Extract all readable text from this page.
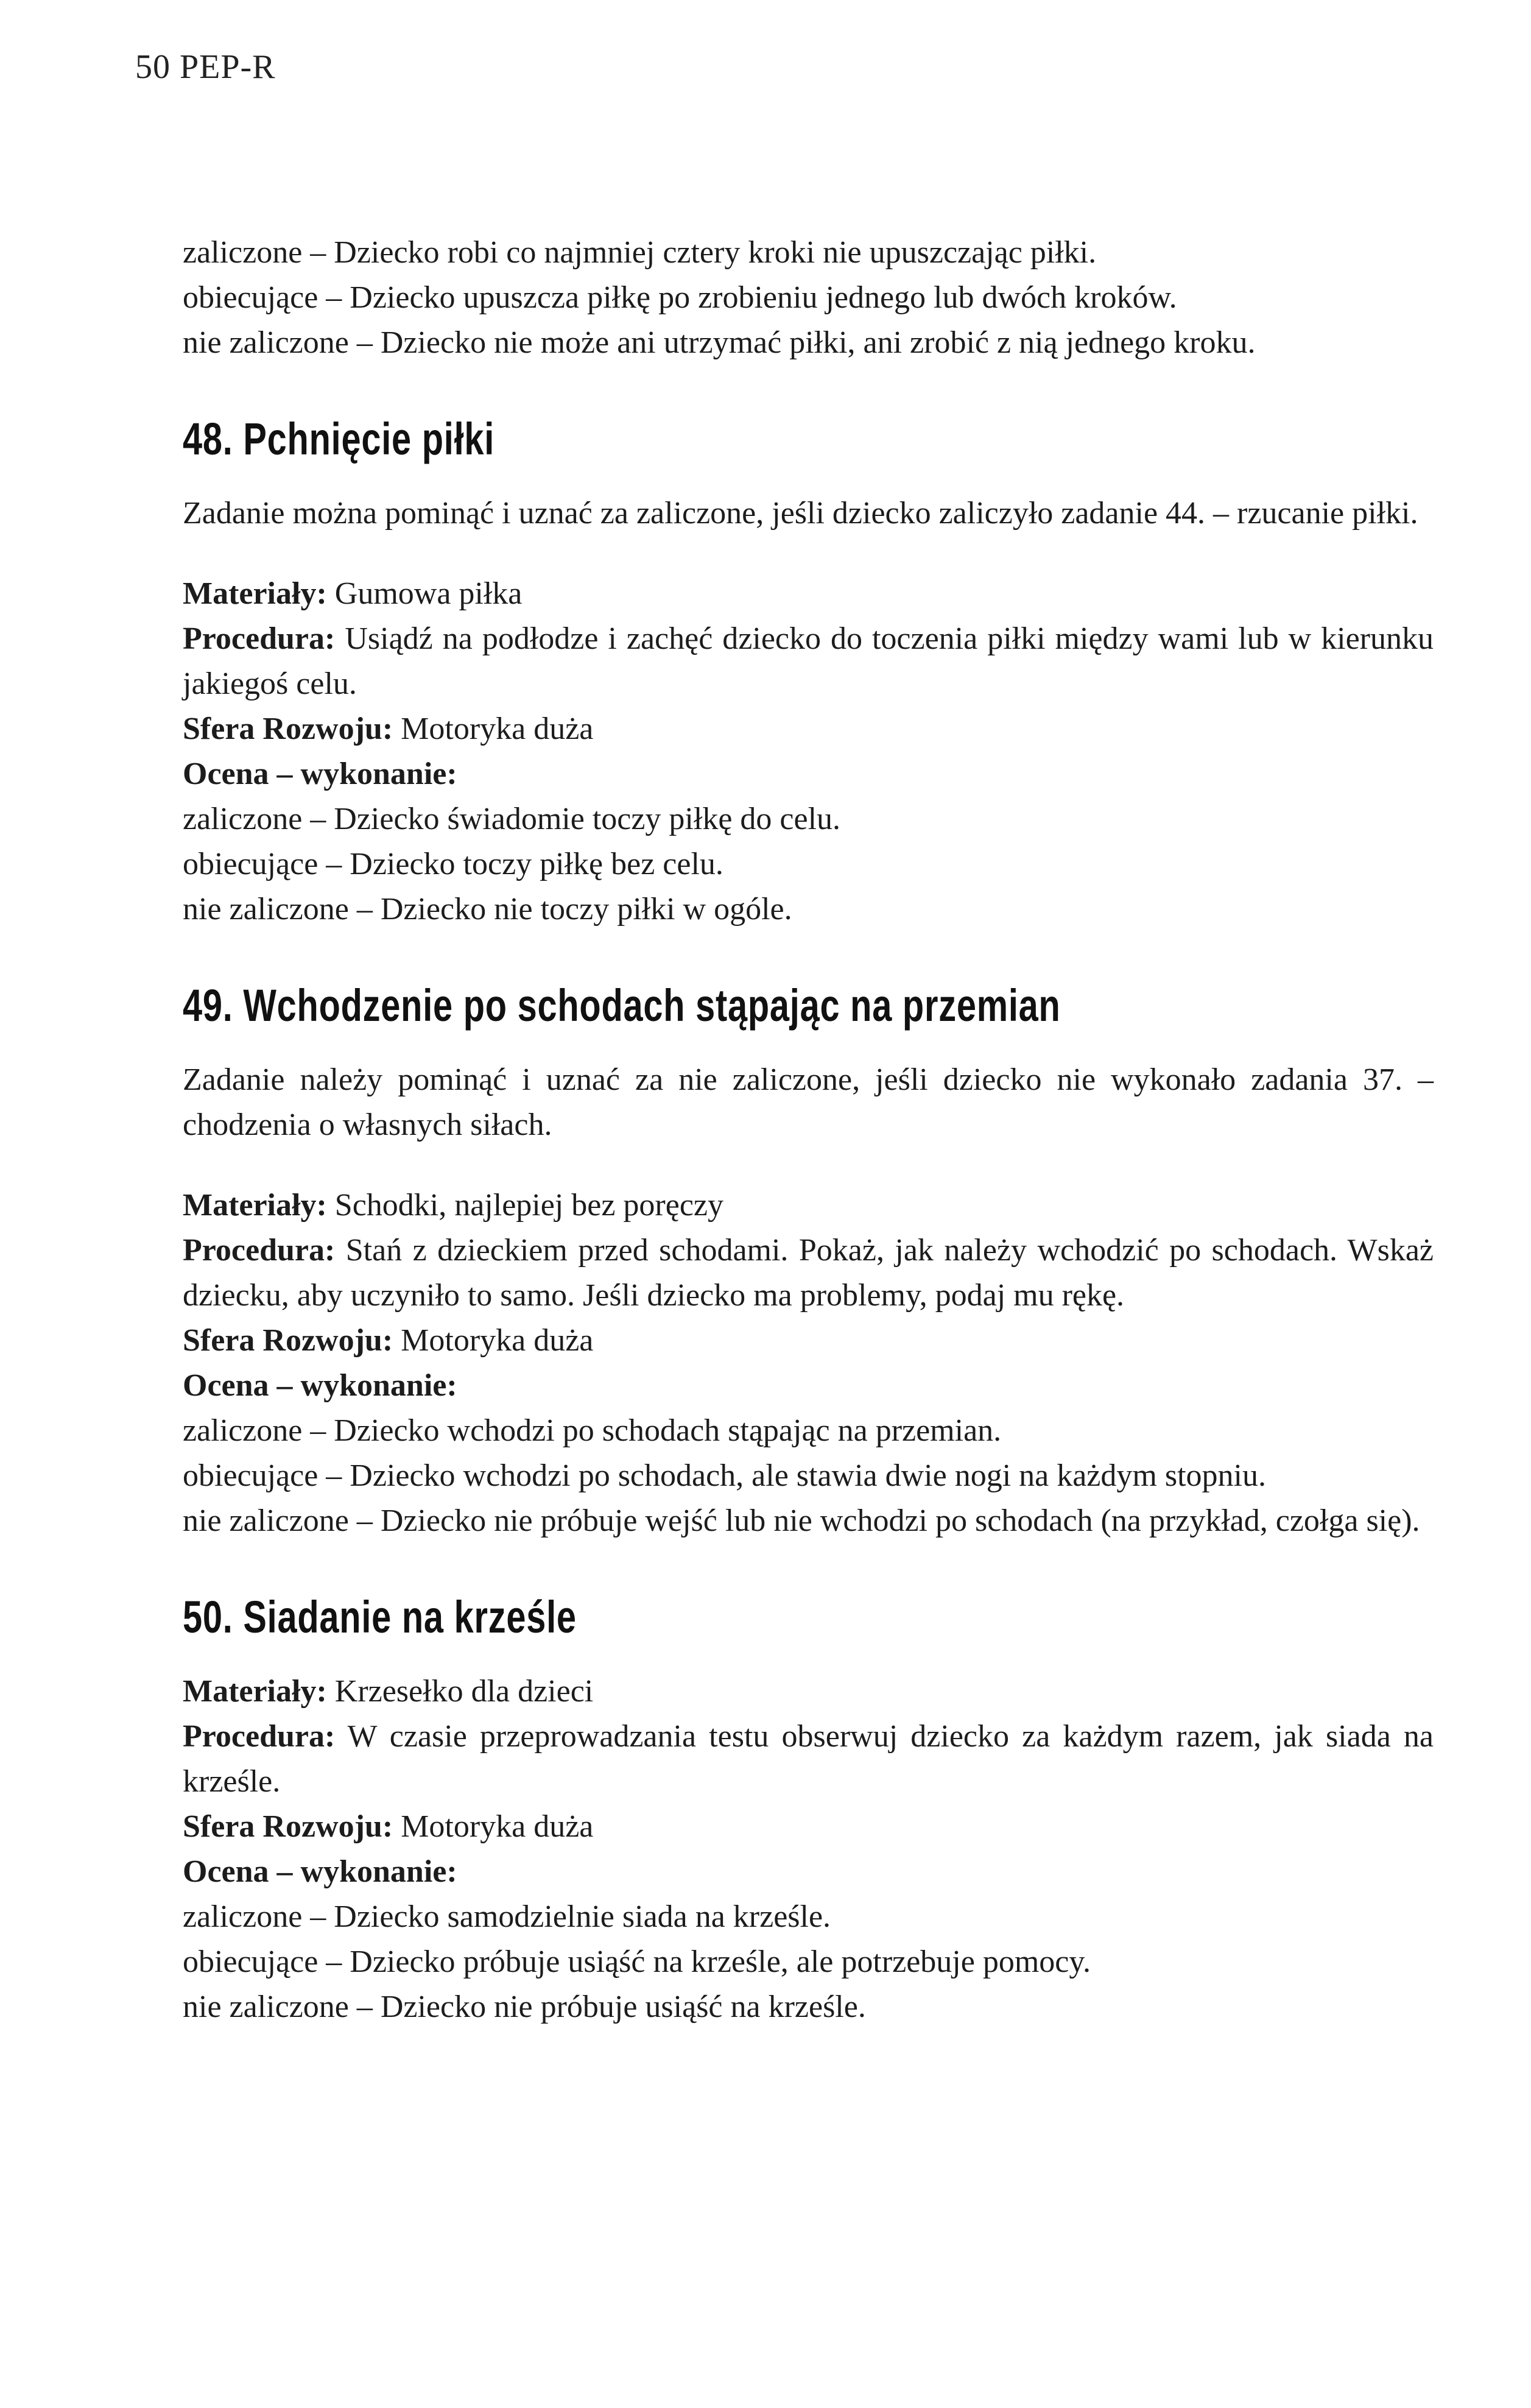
50 PEP-R

zaliczone – Dziecko robi co najmniej cztery kroki nie upuszczając piłki.

obiecujące – Dziecko upuszcza piłkę po zrobieniu jednego lub dwóch kroków.

nie zaliczone – Dziecko nie może ani utrzymać piłki, ani zrobić z nią jednego kroku.

48. Pchnięcie piłki

Zadanie można pominąć i uznać za zaliczone, jeśli dziecko zaliczyło zadanie 44. – rzucanie piłki.

Materiały: Gumowa piłka

Procedura: Usiądź na podłodze i zachęć dziecko do toczenia piłki między wami lub w kierunku jakiegoś celu.

Sfera Rozwoju: Motoryka duża

Ocena – wykonanie:

zaliczone – Dziecko świadomie toczy piłkę do celu.

obiecujące – Dziecko toczy piłkę bez celu.

nie zaliczone – Dziecko nie toczy piłki w ogóle.

49. Wchodzenie po schodach stąpając na przemian

Zadanie należy pominąć i uznać za nie zaliczone, jeśli dziecko nie wykonało zadania 37. – chodzenia o własnych siłach.

Materiały: Schodki, najlepiej bez poręczy

Procedura: Stań z dzieckiem przed schodami. Pokaż, jak należy wchodzić po schodach. Wskaż dziecku, aby uczyniło to samo. Jeśli dziecko ma problemy, podaj mu rękę.

Sfera Rozwoju: Motoryka duża

Ocena – wykonanie:

zaliczone – Dziecko wchodzi po schodach stąpając na przemian.

obiecujące – Dziecko wchodzi po schodach, ale stawia dwie nogi na każdym stopniu.

nie zaliczone – Dziecko nie próbuje wejść lub nie wchodzi po schodach (na przykład, czołga się).

50. Siadanie na krześle

Materiały: Krzesełko dla dzieci

Procedura: W czasie przeprowadzania testu obserwuj dziecko za każdym razem, jak siada na krześle.

Sfera Rozwoju: Motoryka duża

Ocena – wykonanie:

zaliczone – Dziecko samodzielnie siada na krześle.

obiecujące – Dziecko próbuje usiąść na krześle, ale potrzebuje pomocy.

nie zaliczone – Dziecko nie próbuje usiąść na krześle.
